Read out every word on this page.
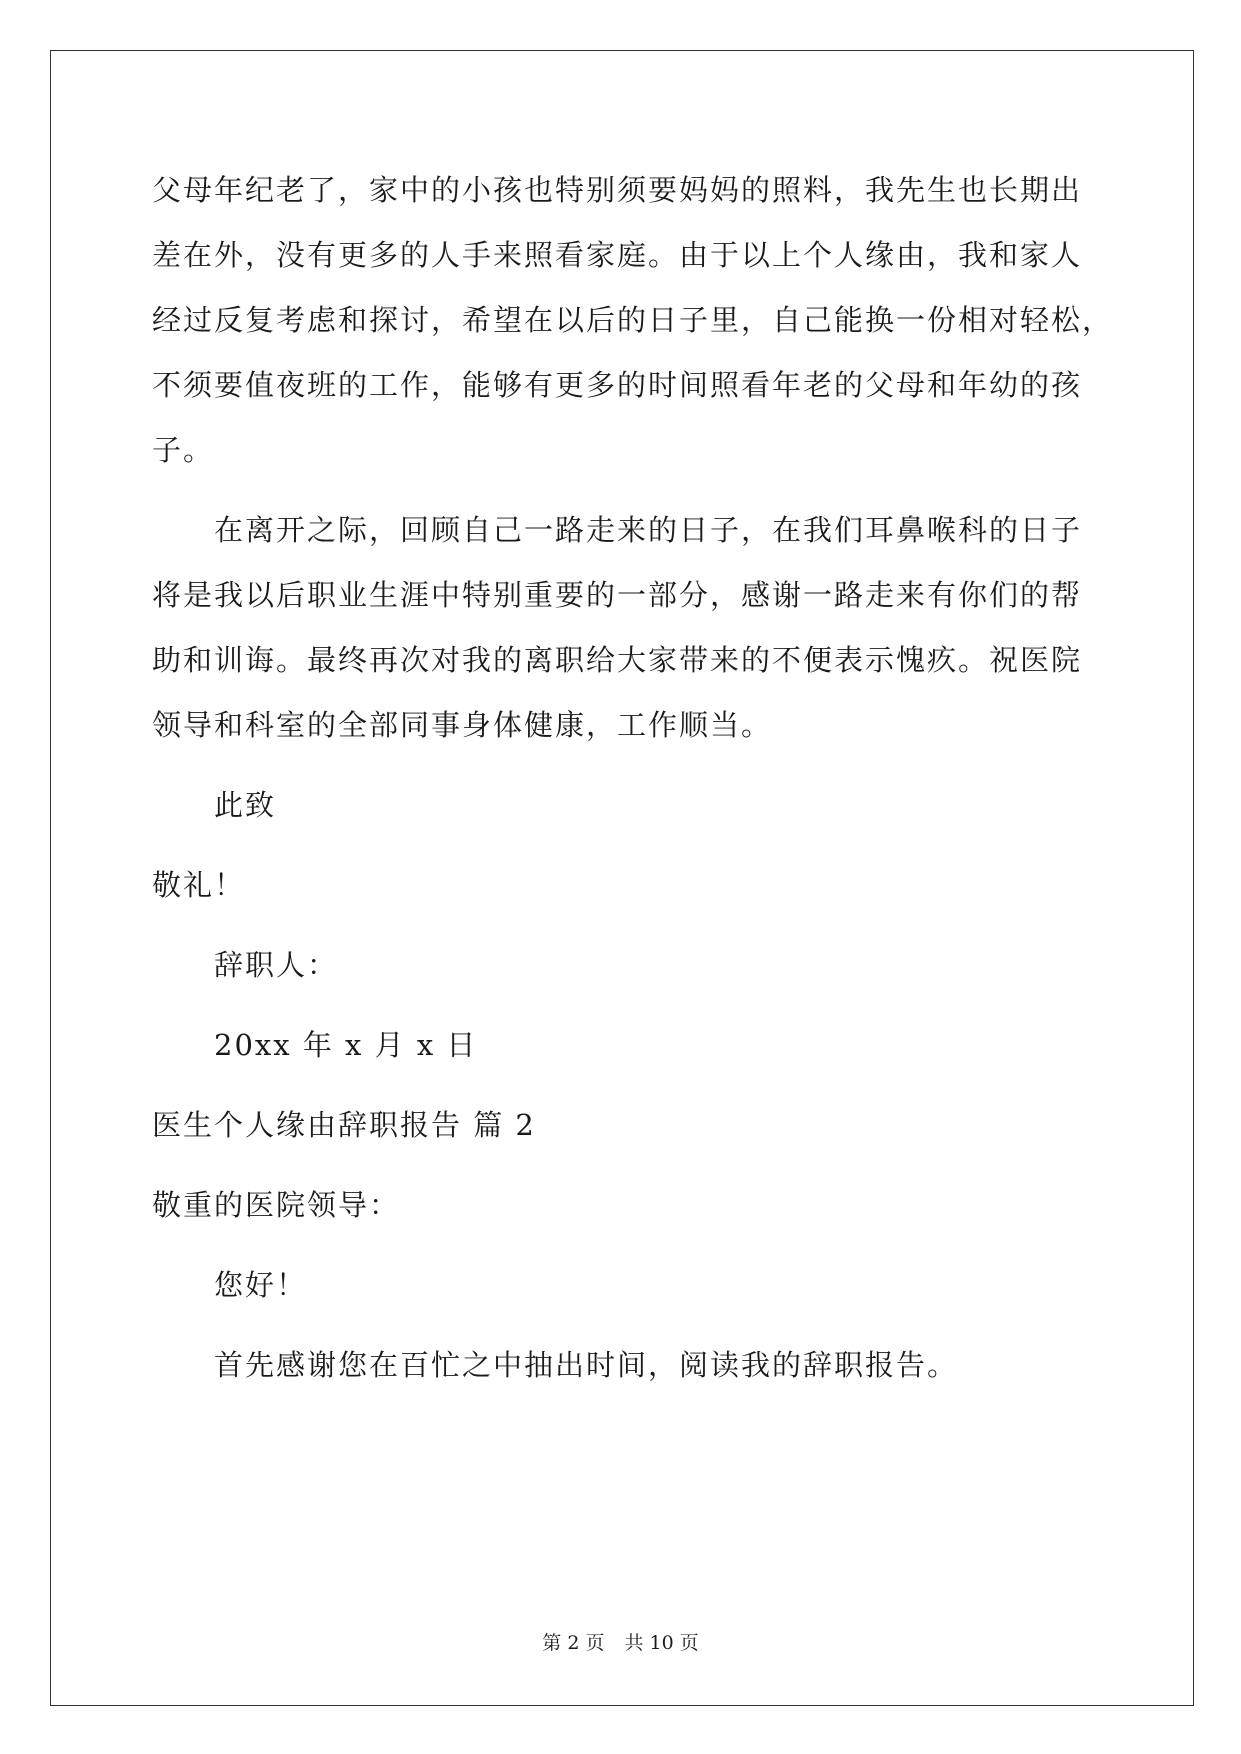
父母年纪老了，家中的小孩也特别须要妈妈的照料，我先生也长期出

差在外，没有更多的人手来照看家庭。由于以上个人缘由，我和家人

经过反复考虑和探讨，希望在以后的日子里，自己能换一份相对轻松，

不须要值夜班的工作，能够有更多的时间照看年老的父母和年幼的孩

子。

在离开之际，回顾自己一路走来的日子，在我们耳鼻喉科的日子

将是我以后职业生涯中特别重要的一部分，感谢一路走来有你们的帮

助和训诲。最终再次对我的离职给大家带来的不便表示愧疚。祝医院

领导和科室的全部同事身体健康，工作顺当。

此致

敬礼！

辞职人：

20xx 年 x 月 x 日

医生个人缘由辞职报告 篇 2

敬重的医院领导：

您好！

首先感谢您在百忙之中抽出时间，阅读我的辞职报告。

第 2 页 共 10 页
